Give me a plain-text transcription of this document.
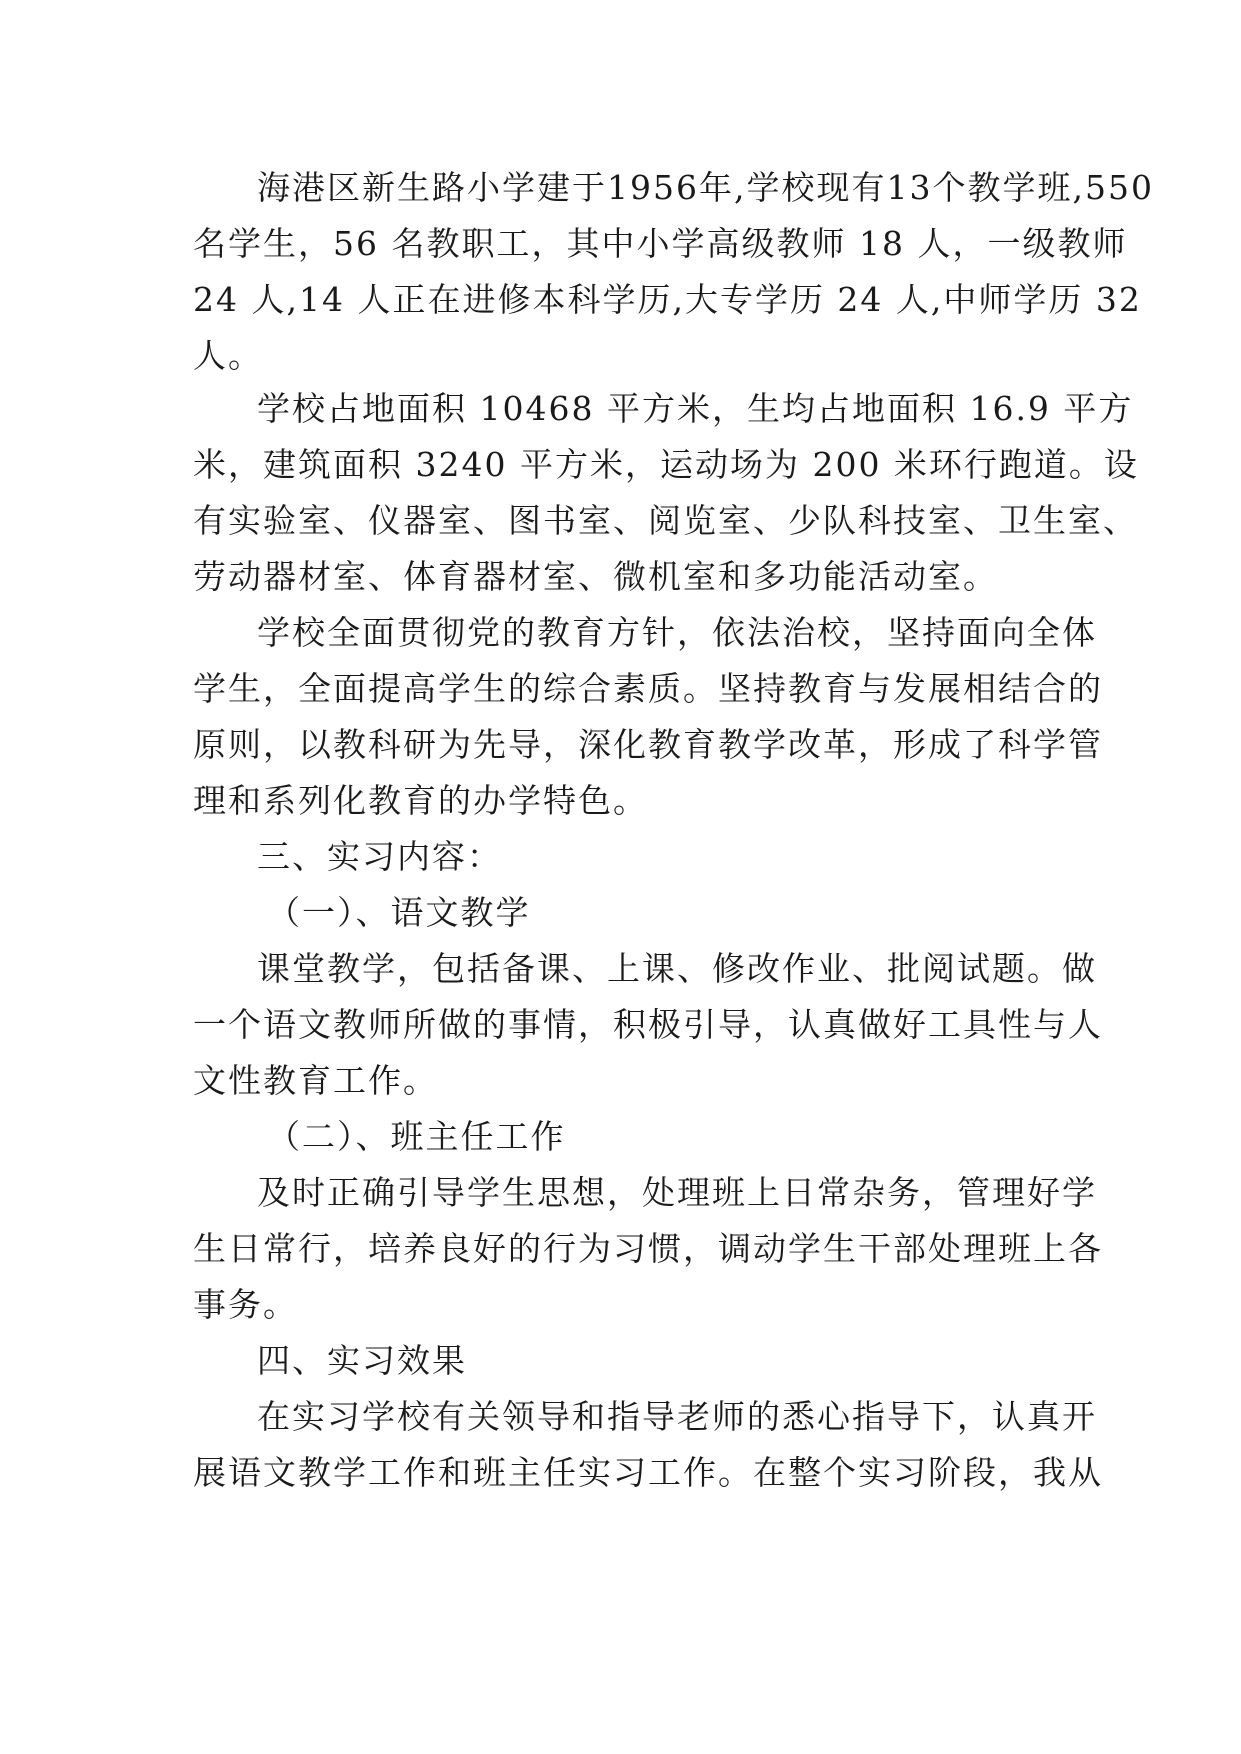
海港区新生路小学建于1956年,学校现有13个教学班,550
名学生，56 名教职工，其中小学高级教师 18 人，一级教师
24 人,14 人正在进修本科学历,大专学历 24 人,中师学历 32
人。
学校占地面积 10468 平方米，生均占地面积 16.9 平方
米，建筑面积 3240 平方米，运动场为 200 米环行跑道。设
有实验室、仪器室、图书室、阅览室、少队科技室、卫生室、
劳动器材室、体育器材室、微机室和多功能活动室。
学校全面贯彻党的教育方针，依法治校，坚持面向全体
学生，全面提高学生的综合素质。坚持教育与发展相结合的
原则，以教科研为先导，深化教育教学改革，形成了科学管
理和系列化教育的办学特色。
三、实习内容：
（一）、语文教学
课堂教学，包括备课、上课、修改作业、批阅试题。做
一个语文教师所做的事情，积极引导，认真做好工具性与人
文性教育工作。
（二）、班主任工作
及时正确引导学生思想，处理班上日常杂务，管理好学
生日常行，培养良好的行为习惯，调动学生干部处理班上各
事务。
四、实习效果
在实习学校有关领导和指导老师的悉心指导下，认真开
展语文教学工作和班主任实习工作。在整个实习阶段，我从
